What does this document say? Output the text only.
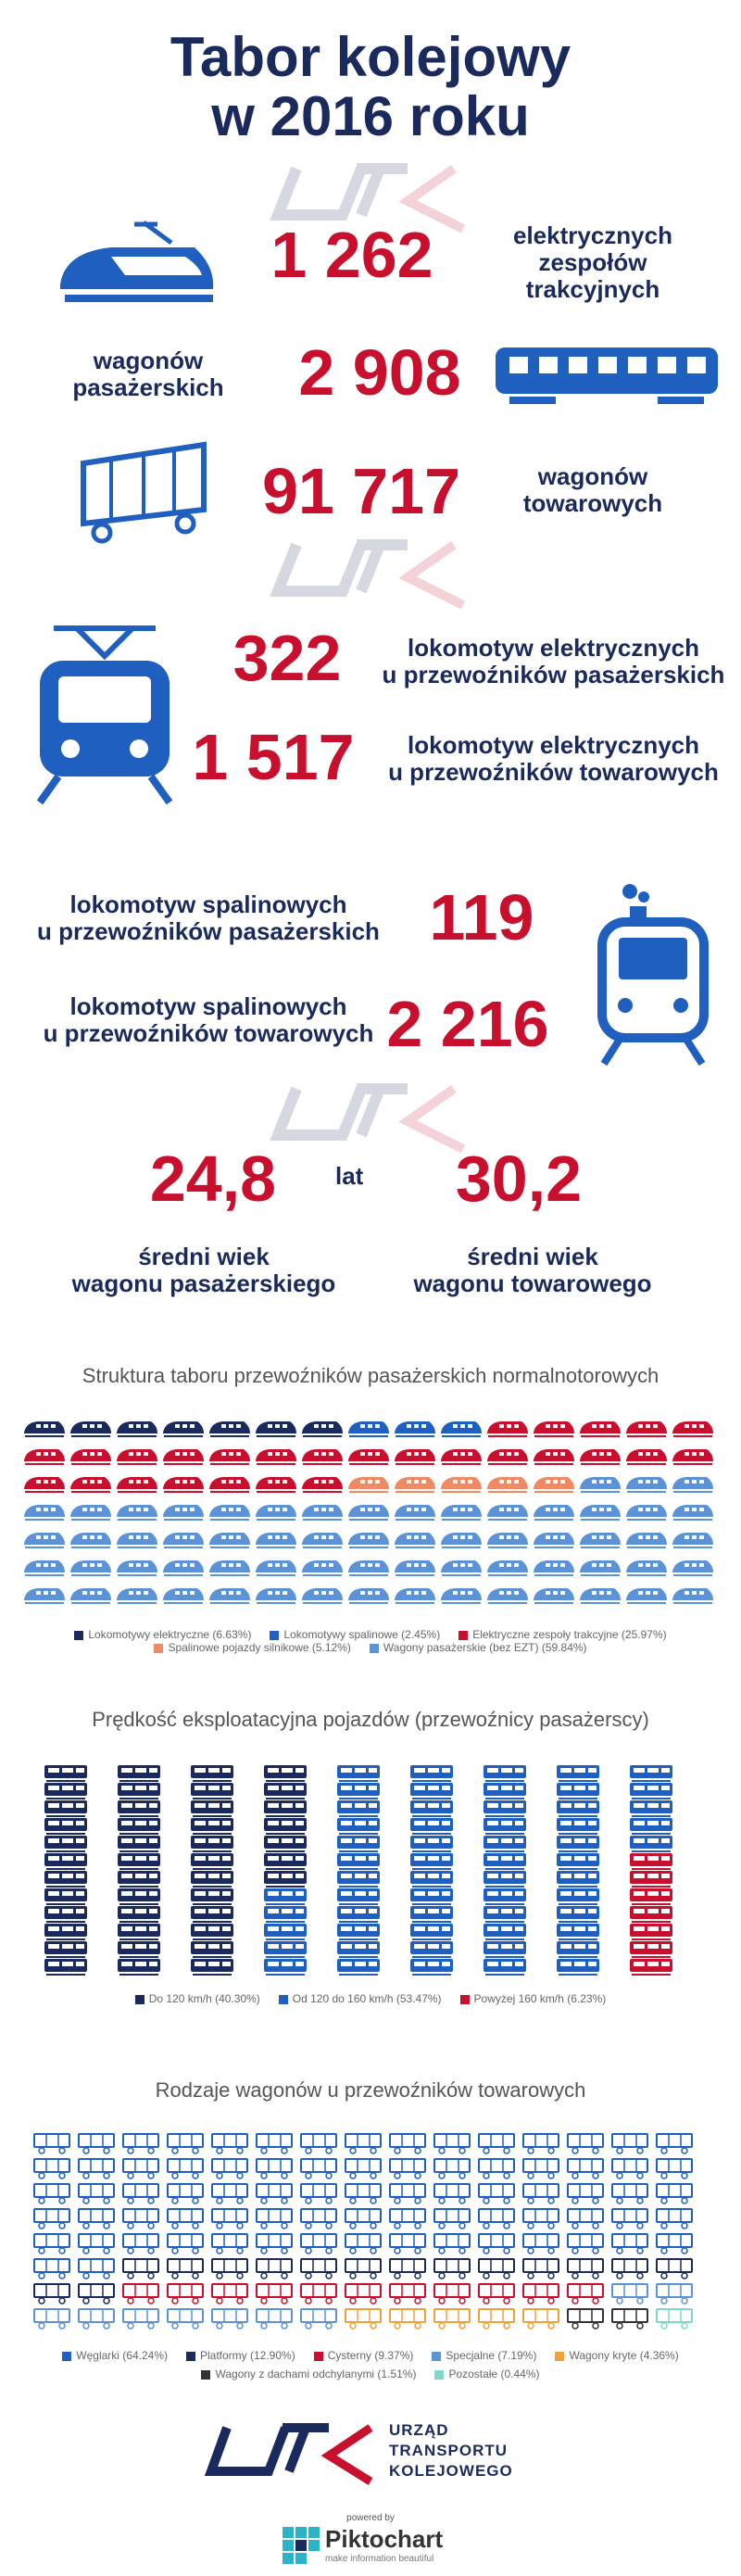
Tabor kolejowy
w 2016 roku
1 262	elektrycznych
zespołów
trakcyjnych
wagonów
pasażerskich	2 908
91 717	wagonów
towarowych
322	lokomotyw elektrycznych
u przewoźników pasażerskich
1 517	lokomotyw elektrycznych
u przewoźników towarowych
lokomotyw spalinowych
u przewoźników pasażerskich 119
lokomotyw spalinowych
u przewoźników towarowych 2 216
24,8	lat	30,2
średni wiek
wagonu pasażerskiego
średni wiek
wagonu towarowego
Struktura taboru przewoźników pasażerskich normalnotorowych
Lokomotywy elektryczne (6.63%)	Lokomotywy spalinowe (2.45%)	Elektryczne zespoły trakcyjne (25.97%)Spalinowe pojazdy silnikowe (5.12%)	Wagony pasażerskie (bez EZT) (59.84%)
Prędkość eksploatacyjna pojazdów (przewoźnicy pasażerscy)
Do 120 km/h (40.30%)	Od 120 do 160 km/h (53.47%)	Powyżej 160 km/h (6.23%)
Rodzaje wagonów u przewoźników towarowych
Węglarki (64.24%)	Platformy (12.90%)	Cysterny (9.37%)	Specjalne (7.19%)	Wagony kryte (4.36%)Wagony z dachami odchylanymi (1.51%)	Pozostałe (0.44%)
URZĄD
TRANSPORTU
KOLEJOWEGO
powered by
Piktochart
make information beautiful
